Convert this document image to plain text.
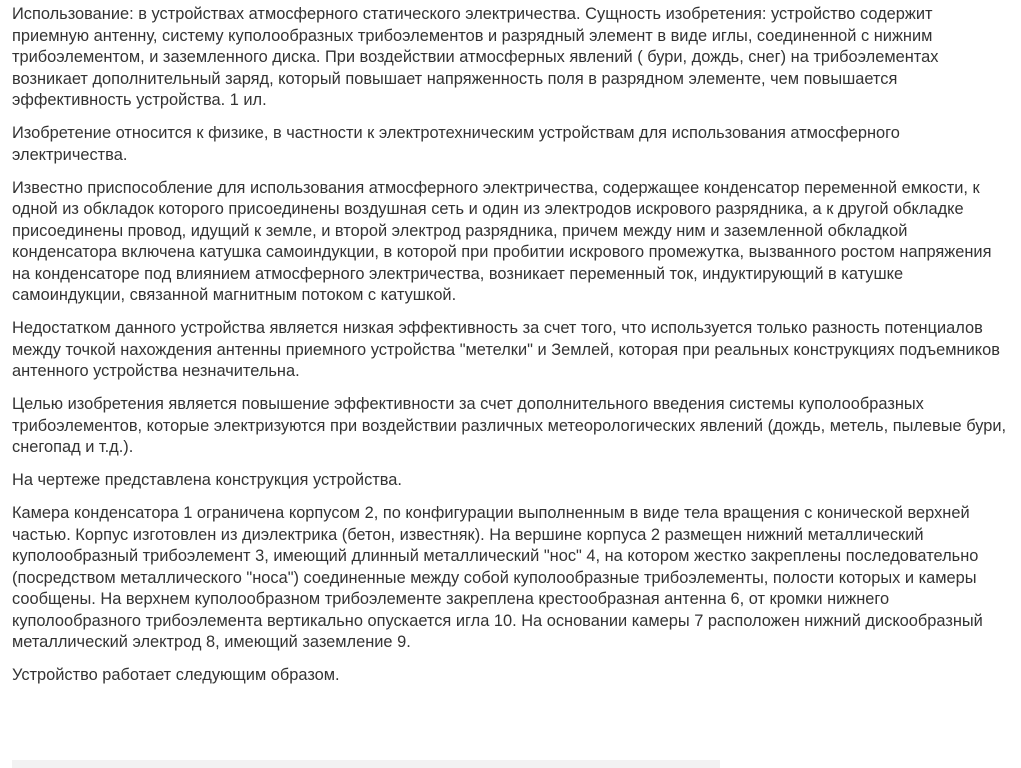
Использование: в устройствах атмосферного статического электричества. Сущность изобретения: устройство содержит приемную антенну, систему куполообразных трибоэлементов и разрядный элемент в виде иглы, соединенной с нижним трибоэлементом, и заземленного диска. При воздействии атмосферных явлений ( бури, дождь, снег) на трибоэлементах возникает дополнительный заряд, который повышает напряженность поля в разрядном элементе, чем повышается эффективность устройства. 1 ил.

Изобретение относится к физике, в частности к электротехническим устройствам для использования атмосферного электричества.

Известно приспособление для использования атмосферного электричества, содержащее конденсатор переменной емкости, к одной из обкладок которого присоединены воздушная сеть и один из электродов искрового разрядника, а к другой обкладке присоединены провод, идущий к земле, и второй электрод разрядника, причем между ним и заземленной обкладкой конденсатора включена катушка самоиндукции, в которой при пробитии искрового промежутка, вызванного ростом напряжения на конденсаторе под влиянием атмосферного электричества, возникает переменный ток, индуктирующий в катушке самоиндукции, связанной магнитным потоком с катушкой.

Недостатком данного устройства является низкая эффективность за счет того, что используется только разность потенциалов между точкой нахождения антенны приемного устройства "метелки" и Землей, которая при реальных конструкциях подъемников антенного устройства незначительна.

Целью изобретения является повышение эффективности за счет дополнительного введения системы куполообразных трибоэлементов, которые электризуются при воздействии различных метеорологических явлений (дождь, метель, пылевые бури, снегопад и т.д.).

На чертеже представлена конструкция устройства.

Камера конденсатора 1 ограничена корпусом 2, по конфигурации выполненным в виде тела вращения с конической верхней частью. Корпус изготовлен из диэлектрика (бетон, известняк). На вершине корпуса 2 размещен нижний металлический куполообразный трибоэлемент 3, имеющий длинный металлический "нос" 4, на котором жестко закреплены последовательно (посредством металлического "носа") соединенные между собой куполообразные трибоэлементы, полости которых и камеры сообщены. На верхнем куполообразном трибоэлементе закреплена крестообразная антенна 6, от кромки нижнего куполообразного трибоэлемента вертикально опускается игла 10. На основании камеры 7 расположен нижний дискообразный металлический электрод 8, имеющий заземление 9.

Устройство работает следующим образом.
